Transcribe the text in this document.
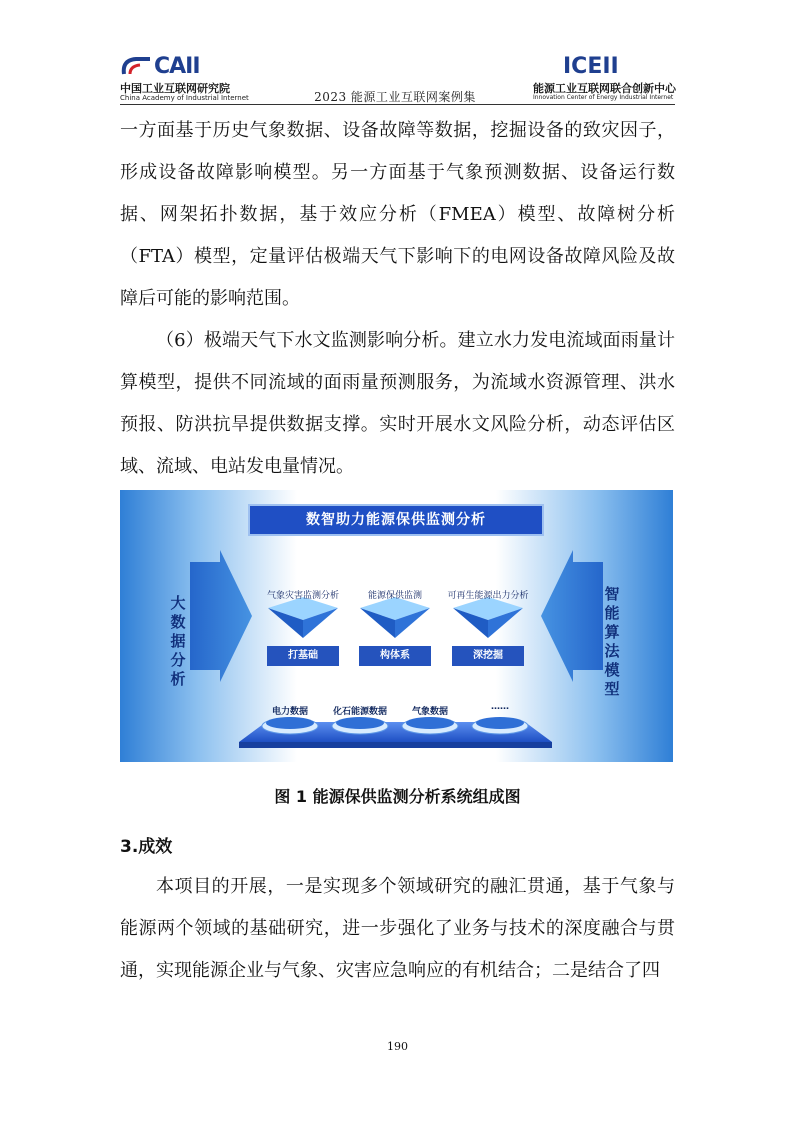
CAII
中国工业互联网研究院
China Academy of Industrial Internet	2023 能源工业互联网案例集
ICEII
能源工业互联网联合创新中心
Innovation Center of Energy Industrial Internet

一方面基于历史气象数据、设备故障等数据，挖掘设备的致灾因子，形成设备故障影响模型。另一方面基于气象预测数据、设备运行数据、网架拓扑数据，基于效应分析（FMEA）模型、故障树分析（FTA）模型，定量评估极端天气下影响下的电网设备故障风险及故障后可能的影响范围。

（6）极端天气下水文监测影响分析。建立水力发电流域面雨量计算模型，提供不同流域的面雨量预测服务，为流域水资源管理、洪水预报、防洪抗旱提供数据支撑。实时开展水文风险分析，动态评估区域、流域、电站发电量情况。

数智助力能源保供监测分析
大数据分析
智能算法模型
气象灾害监测分析	能源保供监测	可再生能源出力分析
打基础	构体系	深挖掘
电力数据	化石能源数据	气象数据	……
图 1 能源保供监测分析系统组成图
3.成效

本项目的开展，一是实现多个领域研究的融汇贯通，基于气象与能源两个领域的基础研究，进一步强化了业务与技术的深度融合与贯通，实现能源企业与气象、灾害应急响应的有机结合；二是结合了四

190
